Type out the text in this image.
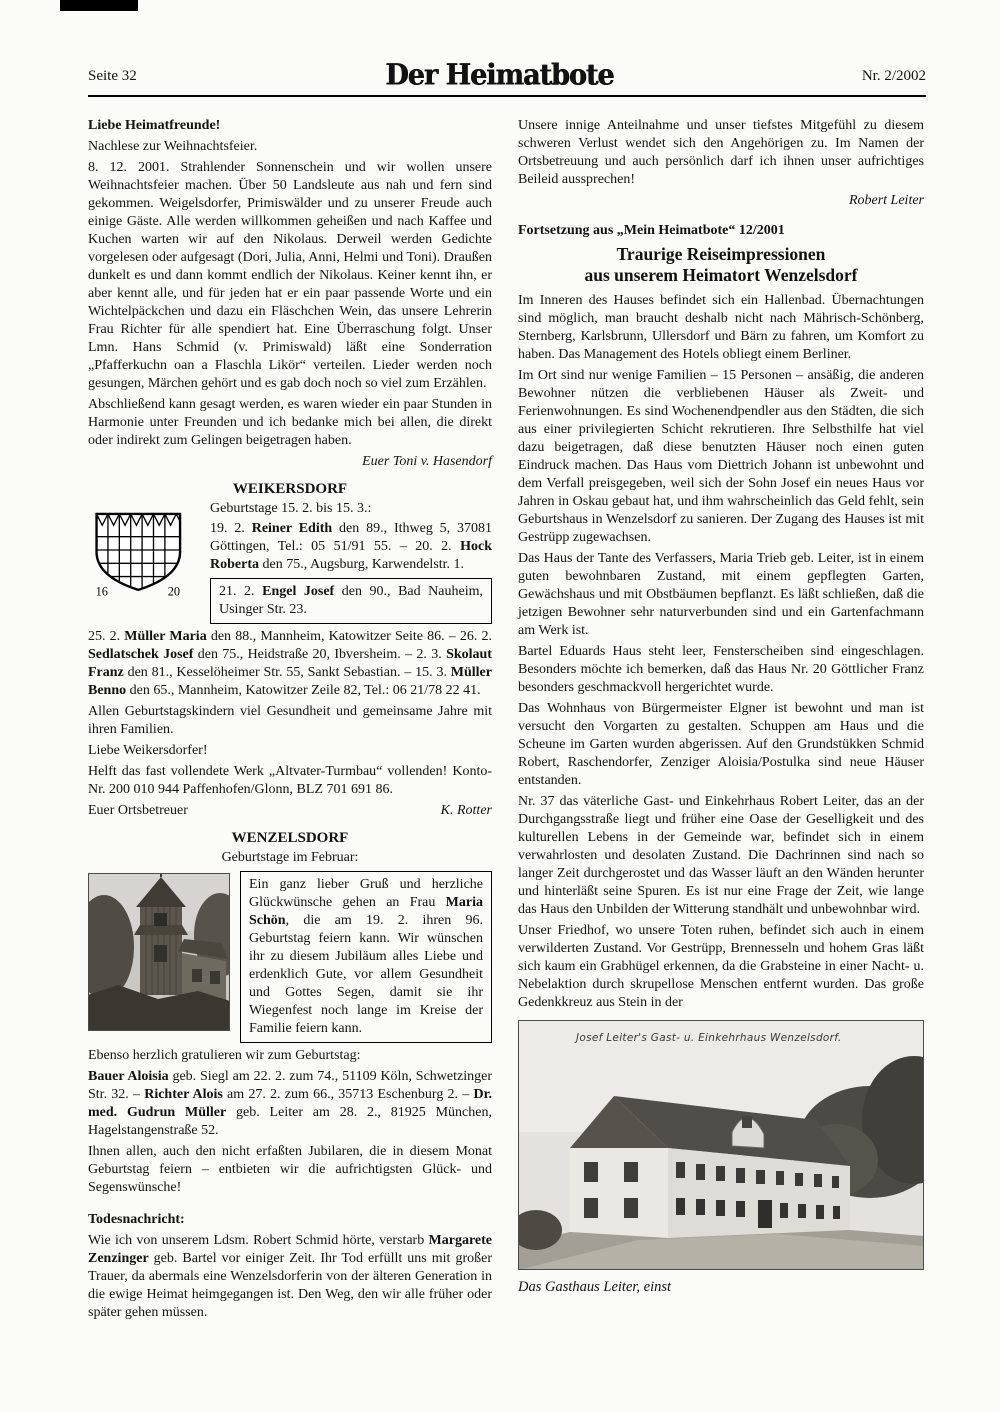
Seite 32	Der Heimatbote	Nr. 2/2002

Liebe Heimatfreunde!

Nachlese zur Weihnachtsfeier.

8. 12. 2001. Strahlender Sonnenschein und wir wollen unsere Weihnachtsfeier machen. Über 50 Landsleute aus nah und fern sind gekommen. Weigelsdorfer, Primiswälder und zu unserer Freude auch einige Gäste. Alle werden willkommen geheißen und nach Kaffee und Kuchen warten wir auf den Nikolaus. Derweil werden Gedichte vorgelesen oder aufgesagt (Dori, Julia, Anni, Helmi und Toni). Draußen dunkelt es und dann kommt endlich der Nikolaus. Keiner kennt ihn, er aber kennt alle, und für jeden hat er ein paar passende Worte und ein Wichtelpäckchen und dazu ein Fläschchen Wein, das unsere Lehrerin Frau Richter für alle spendiert hat. Eine Überraschung folgt. Unser Lmn. Hans Schmid (v. Primiswald) läßt eine Sonderration „Pfafferkuchn oan a Flaschla Likör“ verteilen. Lieder werden noch gesungen, Märchen gehört und es gab doch noch so viel zum Erzählen.

Abschließend kann gesagt werden, es waren wieder ein paar Stunden in Harmonie unter Freunden und ich bedanke mich bei allen, die direkt oder indirekt zum Gelingen beigetragen haben.

Euer Toni v. Hasendorf

WEIKERSDORF
16	20

Geburtstage 15. 2. bis 15. 3.:

19. 2. Reiner Edith den 89., Ithweg 5, 37081 Göttingen, Tel.: 05 51/91 55. – 20. 2. Hock Roberta den 75., Augsburg, Karwendelstr. 1.

21. 2. Engel Josef den 90., Bad Nauheim, Usinger Str. 23.

25. 2. Müller Maria den 88., Mannheim, Katowitzer Seite 86. – 26. 2. Sedlatschek Josef den 75., Heidstraße 20, Ibversheim. – 2. 3. Skolaut Franz den 81., Kesselöheimer Str. 55, Sankt Sebastian. – 15. 3. Müller Benno den 65., Mannheim, Katowitzer Zeile 82, Tel.: 06 21/78 22 41.

Allen Geburtstagskindern viel Gesundheit und gemeinsame Jahre mit ihren Familien.

Liebe Weikersdorfer!

Helft das fast vollendete Werk „Altvater-Turmbau“ vollenden! Konto-Nr. 200 010 944 Paffenhofen/Glonn, BLZ 701 691 86.

Euer Ortsbetreuer	K. Rotter
WENZELSDORF
Geburtstage im Februar:
Ein ganz lieber Gruß und herzliche Glückwünsche gehen an Frau Maria Schön, die am 19. 2. ihren 96. Geburtstag feiern kann. Wir wünschen ihr zu diesem Jubiläum alles Liebe und erdenklich Gute, vor allem Gesundheit und Gottes Segen, damit sie ihr Wiegenfest noch lange im Kreise der Familie feiern kann.

Ebenso herzlich gratulieren wir zum Geburtstag:

Bauer Aloisia geb. Siegl am 22. 2. zum 74., 51109 Köln, Schwetzinger Str. 32. – Richter Alois am 27. 2. zum 66., 35713 Eschenburg 2. – Dr. med. Gudrun Müller geb. Leiter am 28. 2., 81925 München, Hagelstangenstraße 52.

Ihnen allen, auch den nicht erfaßten Jubilaren, die in diesem Monat Geburtstag feiern – entbieten wir die aufrichtigsten Glück- und Segenswünsche!

Todesnachricht:

Wie ich von unserem Ldsm. Robert Schmid hörte, verstarb Margarete Zenzinger geb. Bartel vor einiger Zeit. Ihr Tod erfüllt uns mit großer Trauer, da abermals eine Wenzelsdorferin von der älteren Generation in die ewige Heimat heimgegangen ist. Den Weg, den wir alle früher oder später gehen müssen.

Unsere innige Anteilnahme und unser tiefstes Mitgefühl zu diesem schweren Verlust wendet sich den Angehörigen zu. Im Namen der Ortsbetreuung und auch persönlich darf ich ihnen unser aufrichtiges Beileid aussprechen!

Robert Leiter

Fortsetzung aus „Mein Heimatbote“ 12/2001
Traurige Reiseimpressionen
aus unserem Heimatort Wenzelsdorf

Im Inneren des Hauses befindet sich ein Hallenbad. Übernachtungen sind möglich, man braucht deshalb nicht nach Mährisch-Schönberg, Sternberg, Karlsbrunn, Ullersdorf und Bärn zu fahren, um Komfort zu haben. Das Management des Hotels obliegt einem Berliner.

Im Ort sind nur wenige Familien – 15 Personen – ansäßig, die anderen Bewohner nützen die verbliebenen Häuser als Zweit- und Ferienwohnungen. Es sind Wochenendpendler aus den Städten, die sich aus einer privilegierten Schicht rekrutieren. Ihre Selbsthilfe hat viel dazu beigetragen, daß diese benutzten Häuser noch einen guten Eindruck machen. Das Haus vom Diettrich Johann ist unbewohnt und dem Verfall preisgegeben, weil sich der Sohn Josef ein neues Haus vor Jahren in Oskau gebaut hat, und ihm wahrscheinlich das Geld fehlt, sein Geburtshaus in Wenzelsdorf zu sanieren. Der Zugang des Hauses ist mit Gestrüpp zugewachsen.

Das Haus der Tante des Verfassers, Maria Trieb geb. Leiter, ist in einem guten bewohnbaren Zustand, mit einem gepflegten Garten, Gewächshaus und mit Obstbäumen bepflanzt. Es läßt schließen, daß die jetzigen Bewohner sehr naturverbunden sind und ein Gartenfachmann am Werk ist.

Bartel Eduards Haus steht leer, Fensterscheiben sind eingeschlagen. Besonders möchte ich bemerken, daß das Haus Nr. 20 Göttlicher Franz besonders geschmackvoll hergerichtet wurde.

Das Wohnhaus von Bürgermeister Elgner ist bewohnt und man ist versucht den Vorgarten zu gestalten. Schuppen am Haus und die Scheune im Garten wurden abgerissen. Auf den Grundstükken Schmid Robert, Raschendorfer, Zenziger Aloisia/Postulka sind neue Häuser entstanden.

Nr. 37 das väterliche Gast- und Einkehrhaus Robert Leiter, das an der Durchgangsstraße liegt und früher eine Oase der Geselligkeit und des kulturellen Lebens in der Gemeinde war, befindet sich in einem verwahrlosten und desolaten Zustand. Die Dachrinnen sind nach so langer Zeit durchgerostet und das Wasser läuft an den Wänden herunter und hinterläßt seine Spuren. Es ist nur eine Frage der Zeit, wie lange das Haus den Unbilden der Witterung standhält und unbewohnbar wird.

Unser Friedhof, wo unsere Toten ruhen, befindet sich auch in einem verwilderten Zustand. Vor Gestrüpp, Brennesseln und hohem Gras läßt sich kaum ein Grabhügel erkennen, da die Grabsteine in einer Nacht- u. Nebelaktion durch skrupellose Menschen entfernt wurden. Das große Gedenkkreuz aus Stein in der

Josef Leiter's Gast- u. Einkehrhaus Wenzelsdorf.
Das Gasthaus Leiter, einst
